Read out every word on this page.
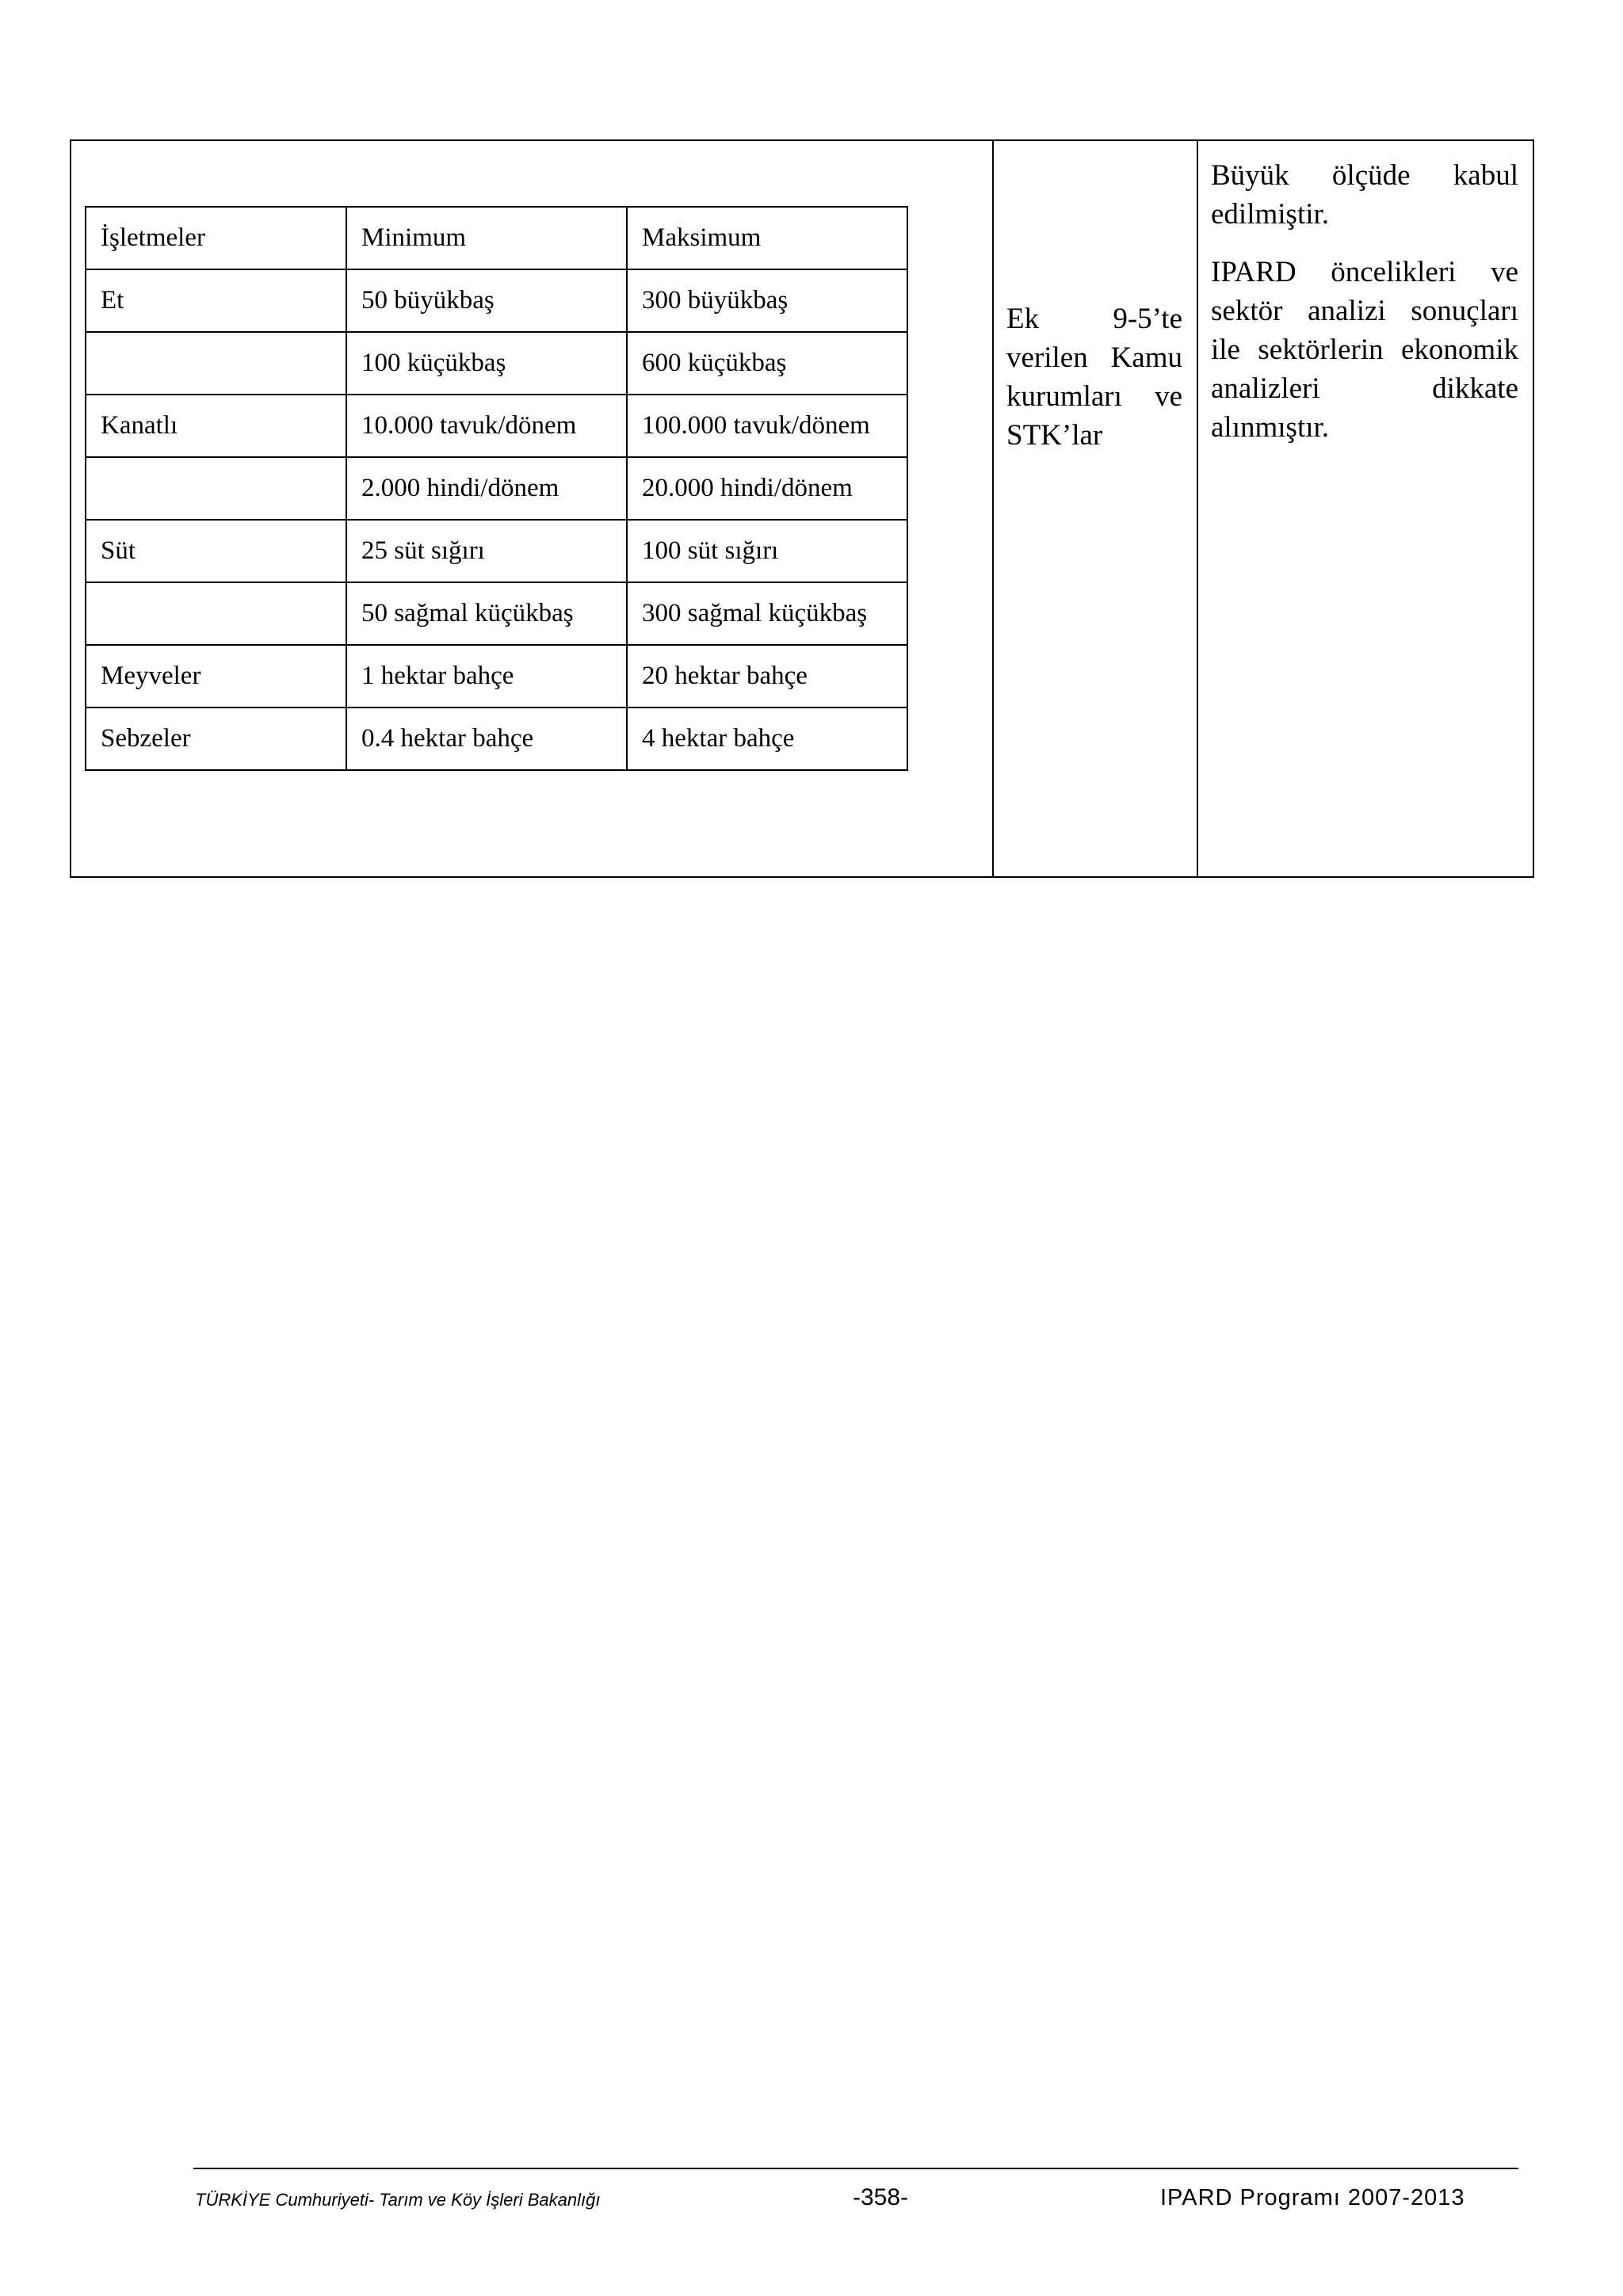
İşletmeler	Minimum	Maksimum
Et	50 büyükbaş	300 büyükbaş
	100 küçükbaş	600 küçükbaş
Kanatlı	10.000 tavuk/dönem	100.000 tavuk/dönem
	2.000 hindi/dönem	20.000 hindi/dönem
Süt	25 süt sığırı	100 süt sığırı
	50 sağmal küçükbaş	300 sağmal küçükbaş
Meyveler	1 hektar bahçe	20 hektar bahçe
Sebzeler	0.4 hektar bahçe	4 hektar bahçe
Ek 9-5’te verilen Kamu kurumları ve STK’lar

Büyük ölçüde kabul edilmiştir.

IPARD öncelikleri ve sektör analizi sonuçları ile sektörlerin ekonomik analizleri dikkate alınmıştır.

TÜRKİYE Cumhuriyeti- Tarım ve Köy İşleri Bakanlığı	-358-	IPARD Programı 2007-2013
